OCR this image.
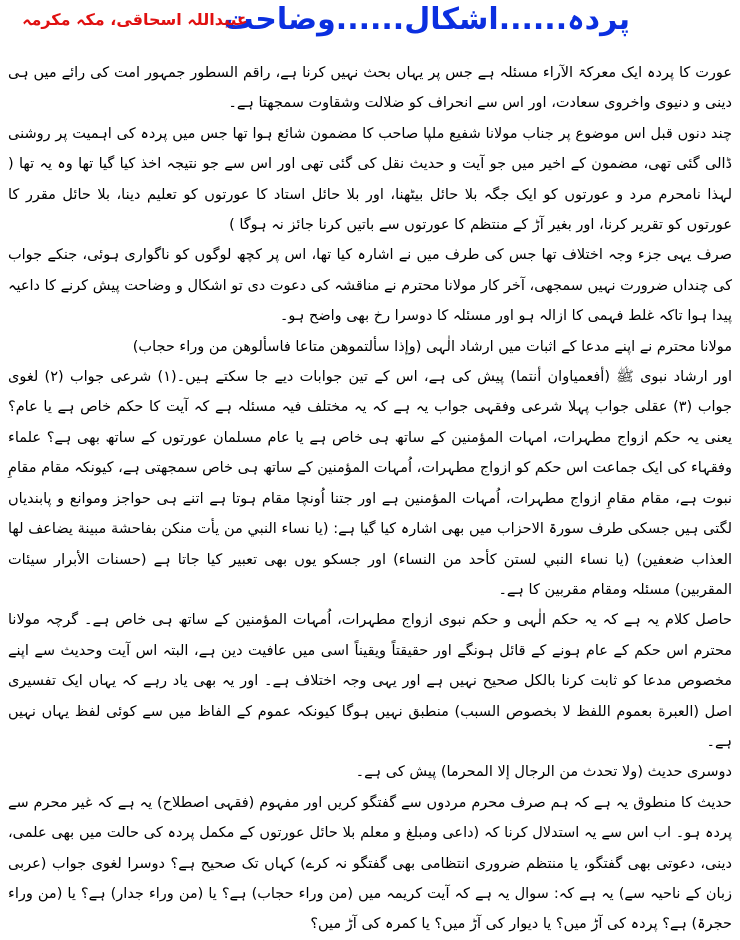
پردہ......اشکال......وضاحت
عبیداللہ اسحاقی، مکہ مکرمہ

عورت کا پردہ ایک معرکۃ الآراء مسئلہ ہے جس پر یہاں بحث نہیں کرنا ہے، راقم السطور جمہور امت کی رائے میں ہی دینی و دنیوی واخروی سعادت، اور اس سے انحراف کو ضلالت وشقاوت سمجھتا ہے۔

چند دنوں قبل اس موضوع پر جناب مولانا شفیع ملپا صاحب کا مضمون شائع ہوا تھا جس میں پردہ کی اہمیت پر روشنی ڈالی گئی تھی، مضمون کے اخیر میں جو آیت و حدیث نقل کی گئی تھی اور اس سے جو نتیجہ اخذ کیا گیا تھا وہ یہ تھا ( لہذا نامحرم مرد و عورتوں کو ایک جگہ بلا حائل بیٹھنا، اور بلا حائل استاد کا عورتوں کو تعلیم دینا، بلا حائل مقرر کا عورتوں کو تقریر کرنا، اور بغیر آڑ کے منتظم کا عورتوں سے باتیں کرنا جائز نہ ہوگا )

صرف یہی جزء وجہ اختلاف تھا جس کی طرف میں نے اشارہ کیا تھا، اس پر کچھ لوگوں کو ناگواری ہوئی، جنکے جواب کی چنداں ضرورت نہیں سمجھی، آخر کار مولانا محترم نے مناقشہ کی دعوت دی تو اشکال و وضاحت پیش کرنے کا داعیہ پیدا ہوا تاکہ غلط فہمی کا ازالہ ہو اور مسئلہ کا دوسرا رخ بھی واضح ہو۔

مولانا محترم نے اپنے مدعا کے اثبات میں ارشاد الٰہی (وإذا سألتموهن متاعا فاسألوهن من وراء حجاب)

اور ارشاد نبوی ﷺ (أفعمياوان أنتما) پیش کی ہے، اس کے تین جوابات دیے جا سکتے ہیں۔(۱) شرعی جواب (۲) لغوی جواب (۳) عقلی جواب پہلا شرعی وفقہی جواب یہ ہے کہ یہ مختلف فیہ مسئلہ ہے کہ آیت کا حکم خاص ہے یا عام؟ یعنی یہ حکم ازواج مطہرات، امہات المؤمنین کے ساتھ ہی خاص ہے یا عام مسلمان عورتوں کے ساتھ بھی ہے؟ علماء وفقہاء کی ایک جماعت اس حکم کو ازواج مطہرات، اُمہات المؤمنین کے ساتھ ہی خاص سمجھتی ہے، کیونکہ مقام مقامِ نبوت ہے، مقام مقامِ ازواج مطہرات، اُمہات المؤمنین ہے اور جتنا اُونچا مقام ہوتا ہے اتنے ہی حواجز وموانع و پابندیاں لگتی ہیں جسکی طرف سورۃ الاحزاب میں بھی اشارہ کیا گیا ہے: (يا نساء النبي من يأت منكن بفاحشة مبينة يضاعف لها العذاب ضعفين) (يا نساء النبي لستن كأحد من النساء) اور جسکو یوں بھی تعبیر کیا جاتا ہے (حسنات الأبرار سيئات المقربين) مسئلہ ومقام مقربین کا ہے۔

حاصل کلام یہ ہے کہ یہ حکم الٰہی و حکم نبوی ازواج مطہرات، اُمہات المؤمنین کے ساتھ ہی خاص ہے۔ گرچہ مولانا محترم اس حکم کے عام ہونے کے قائل ہونگے اور حقیقتاً ویقیناً اسی میں عافیت دین ہے، البتہ اس آیت وحدیث سے اپنے مخصوص مدعا کو ثابت کرنا بالکل صحیح نہیں ہے اور یہی وجہ اختلاف ہے۔ اور یہ بھی یاد رہے کہ یہاں ایک تفسیری اصل (العبرة بعموم اللفظ لا بخصوص السبب) منطبق نہیں ہوگا کیونکہ عموم کے الفاظ میں سے کوئی لفظ یہاں نہیں ہے۔

دوسری حدیث (ولا تحدث من الرجال إلا المحرما) پیش کی ہے۔

حدیث کا منطوق یہ ہے کہ ہم صرف محرم مردوں سے گفتگو کریں اور مفہوم (فقہی اصطلاح) یہ ہے کہ غیر محرم سے پردہ ہو۔ اب اس سے یہ استدلال کرنا کہ (داعی ومبلغ و معلم بلا حائل عورتوں کے مکمل پردہ کی حالت میں بھی علمی، دینی، دعوتی بھی گفتگو، یا منتظم ضروری انتظامی بھی گفتگو نہ کرے) کہاں تک صحیح ہے؟ دوسرا لغوی جواب (عربی زبان کے ناحیہ سے) یہ ہے کہ: سوال یہ ہے کہ آیت کریمہ میں (من وراء حجاب) ہے؟ یا (من وراء جدار) ہے؟ یا (من وراء حجرۃ) ہے؟ پردہ کی آڑ میں؟ یا دیوار کی آڑ میں؟ یا کمرہ کی آڑ میں؟
